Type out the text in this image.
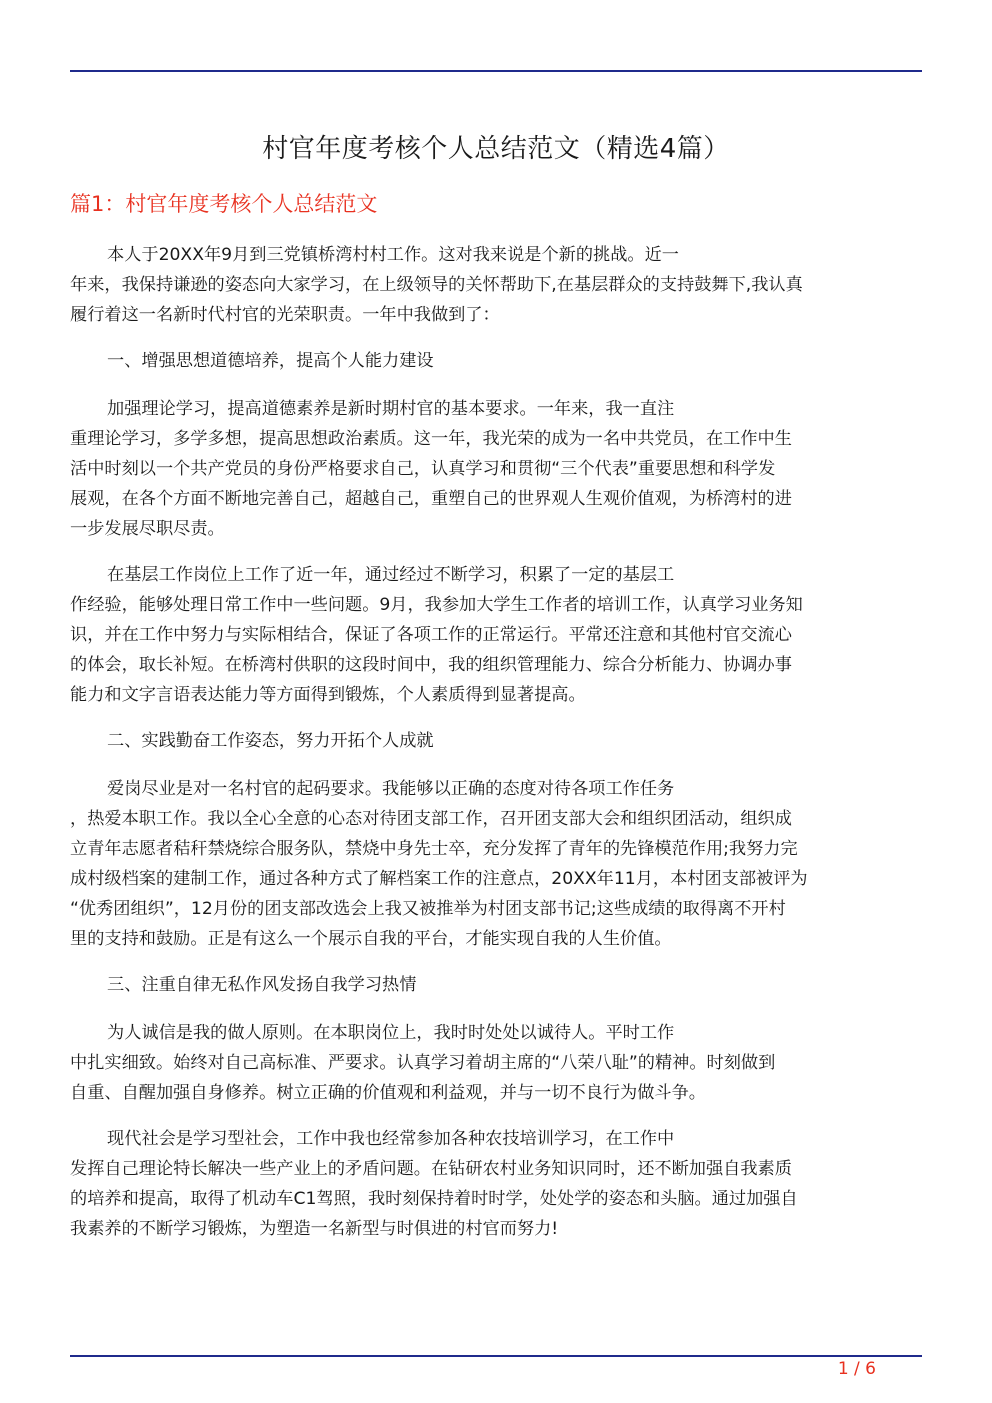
村官年度考核个人总结范文（精选4篇）
篇1：村官年度考核个人总结范文
本人于20XX年9月到三党镇桥湾村村工作。这对我来说是个新的挑战。近一
年来，我保持谦逊的姿态向大家学习，在上级领导的关怀帮助下,在基层群众的支持鼓舞下,我认真
履行着这一名新时代村官的光荣职责。一年中我做到了：
一、增强思想道德培养，提高个人能力建设
加强理论学习，提高道德素养是新时期村官的基本要求。一年来，我一直注
重理论学习，多学多想，提高思想政治素质。这一年，我光荣的成为一名中共党员，在工作中生
活中时刻以一个共产党员的身份严格要求自己，认真学习和贯彻“三个代表”重要思想和科学发
展观，在各个方面不断地完善自己，超越自己，重塑自己的世界观人生观价值观，为桥湾村的进
一步发展尽职尽责。
在基层工作岗位上工作了近一年，通过经过不断学习，积累了一定的基层工
作经验，能够处理日常工作中一些问题。9月，我参加大学生工作者的培训工作，认真学习业务知
识，并在工作中努力与实际相结合，保证了各项工作的正常运行。平常还注意和其他村官交流心
的体会，取长补短。在桥湾村供职的这段时间中，我的组织管理能力、综合分析能力、协调办事
能力和文字言语表达能力等方面得到锻炼，个人素质得到显著提高。
二、实践勤奋工作姿态，努力开拓个人成就
爱岗尽业是对一名村官的起码要求。我能够以正确的态度对待各项工作任务
，热爱本职工作。我以全心全意的心态对待团支部工作，召开团支部大会和组织团活动，组织成
立青年志愿者秸秆禁烧综合服务队，禁烧中身先士卒，充分发挥了青年的先锋模范作用;我努力完
成村级档案的建制工作，通过各种方式了解档案工作的注意点，20XX年11月，本村团支部被评为
“优秀团组织”，12月份的团支部改选会上我又被推举为村团支部书记;这些成绩的取得离不开村
里的支持和鼓励。正是有这么一个展示自我的平台，才能实现自我的人生价值。
三、注重自律无私作风发扬自我学习热情
为人诚信是我的做人原则。在本职岗位上，我时时处处以诚待人。平时工作
中扎实细致。始终对自己高标准、严要求。认真学习着胡主席的“八荣八耻”的精神。时刻做到
自重、自醒加强自身修养。树立正确的价值观和利益观，并与一切不良行为做斗争。
现代社会是学习型社会，工作中我也经常参加各种农技培训学习，在工作中
发挥自己理论特长解决一些产业上的矛盾问题。在钻研农村业务知识同时，还不断加强自我素质
的培养和提高，取得了机动车C1驾照，我时刻保持着时时学，处处学的姿态和头脑。通过加强自
我素养的不断学习锻炼，为塑造一名新型与时俱进的村官而努力!
1 / 6
